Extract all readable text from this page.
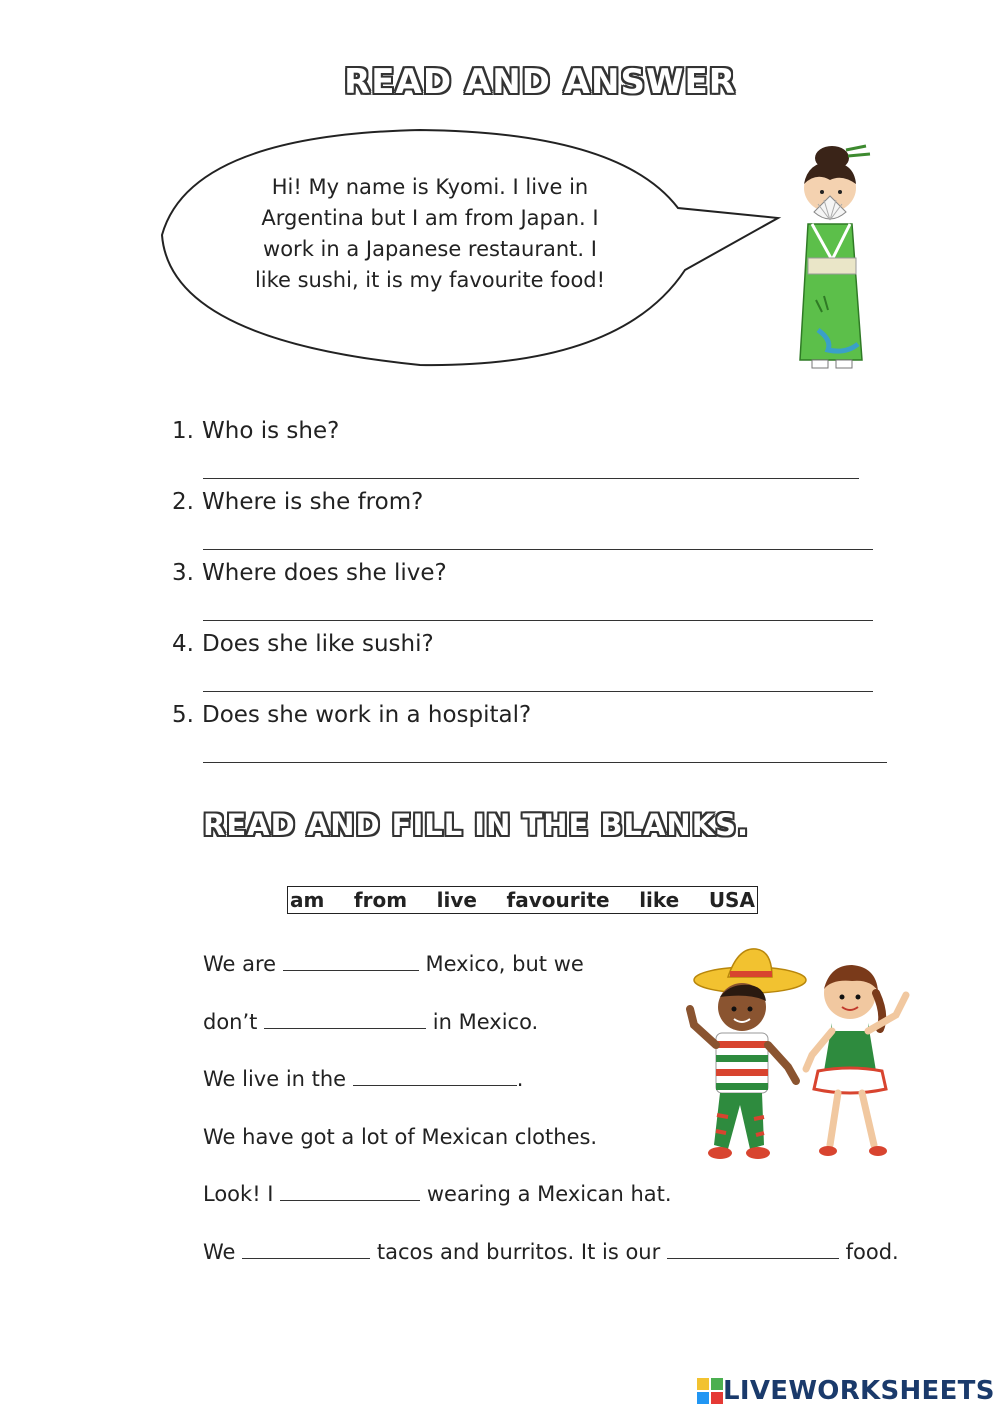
READ AND ANSWER
Hi! My name is Kyomi. I live in Argentina but I am from Japan. I work in a Japanese restaurant. I like sushi, it is my favourite food!
1. Who is she?
2. Where is she from?
3. Where does she live?
4. Does she like sushi?
5. Does she work in a hospital?
READ AND FILL IN THE BLANKS.
am from live favourite like USA
We are	Mexico, but we
don’t	in Mexico.
We live in the	.
We have got a lot of Mexican clothes.
Look! I	wearing a Mexican hat.
We	tacos and burritos. It is our	food.
LIVEWORKSHEETS
